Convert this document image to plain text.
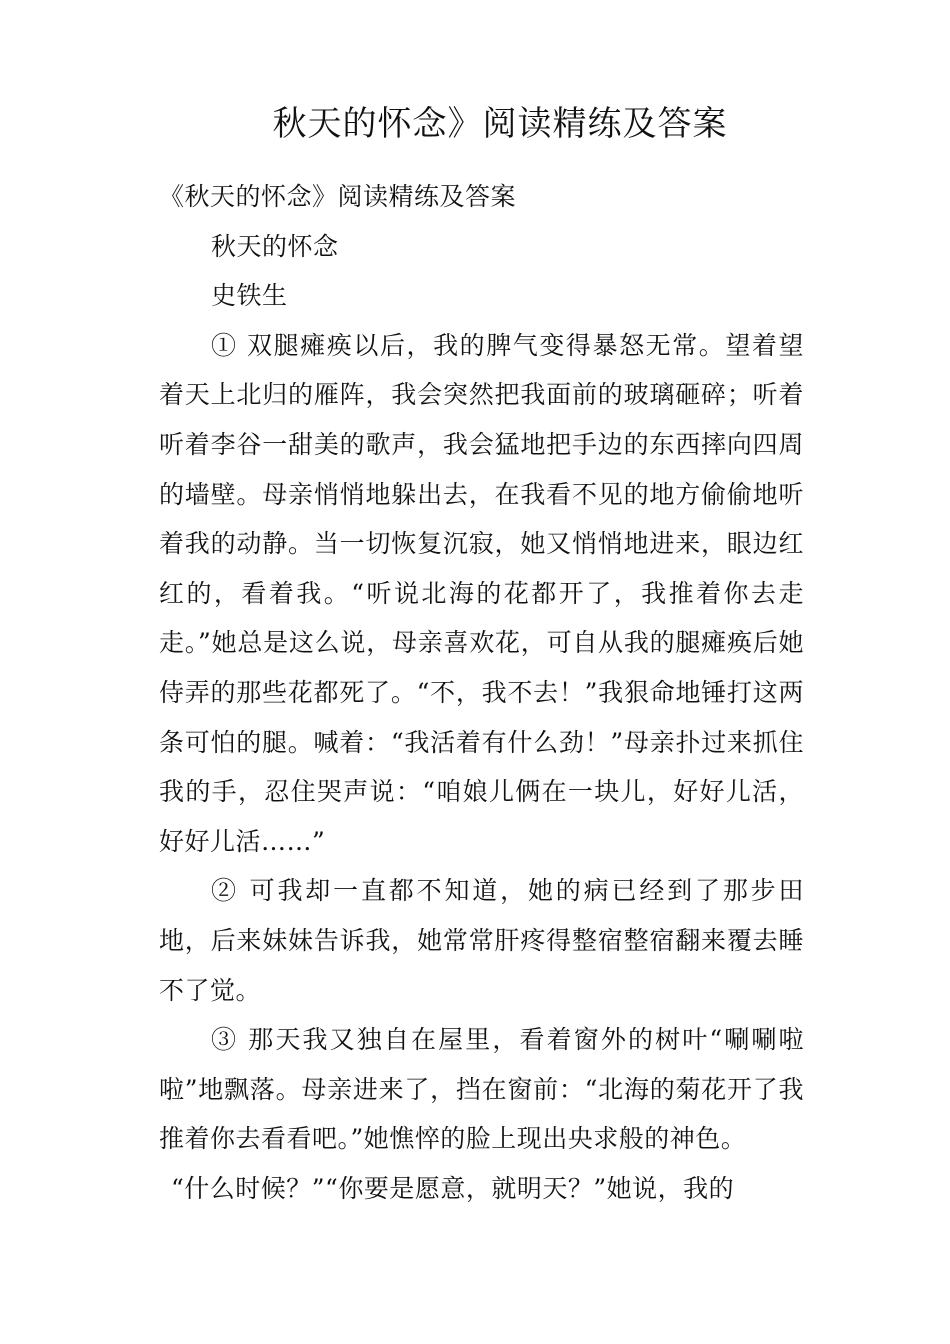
秋天的怀念》阅读精练及答案
《秋天的怀念》阅读精练及答案
秋天的怀念
史铁生

① 双腿瘫痪以后，我的脾气变得暴怒无常。望着望着天上北归的雁阵，我会突然把我面前的玻璃砸碎；听着听着李谷一甜美的歌声，我会猛地把手边的东西摔向四周的墙壁。母亲悄悄地躲出去，在我看不见的地方偷偷地听着我的动静。当一切恢复沉寂，她又悄悄地进来，眼边红红的，看着我。“听说北海的花都开了，我推着你去走走。”她总是这么说，母亲喜欢花，可自从我的腿瘫痪后她侍弄的那些花都死了。“不，我不去！”我狠命地锤打这两条可怕的腿。喊着：“我活着有什么劲！”母亲扑过来抓住我的手，忍住哭声说：“咱娘儿俩在一块儿，好好儿活，好好儿活……”

② 可我却一直都不知道，她的病已经到了那步田地，后来妹妹告诉我，她常常肝疼得整宿整宿翻来覆去睡不了觉。

③ 那天我又独自在屋里，看着窗外的树叶“唰唰啦啦”地飘落。母亲进来了，挡在窗前：“北海的菊花开了我推着你去看看吧。”她憔悴的脸上现出央求般的神色。

“什么时候？”“你要是愿意，就明天？”她说，我的
